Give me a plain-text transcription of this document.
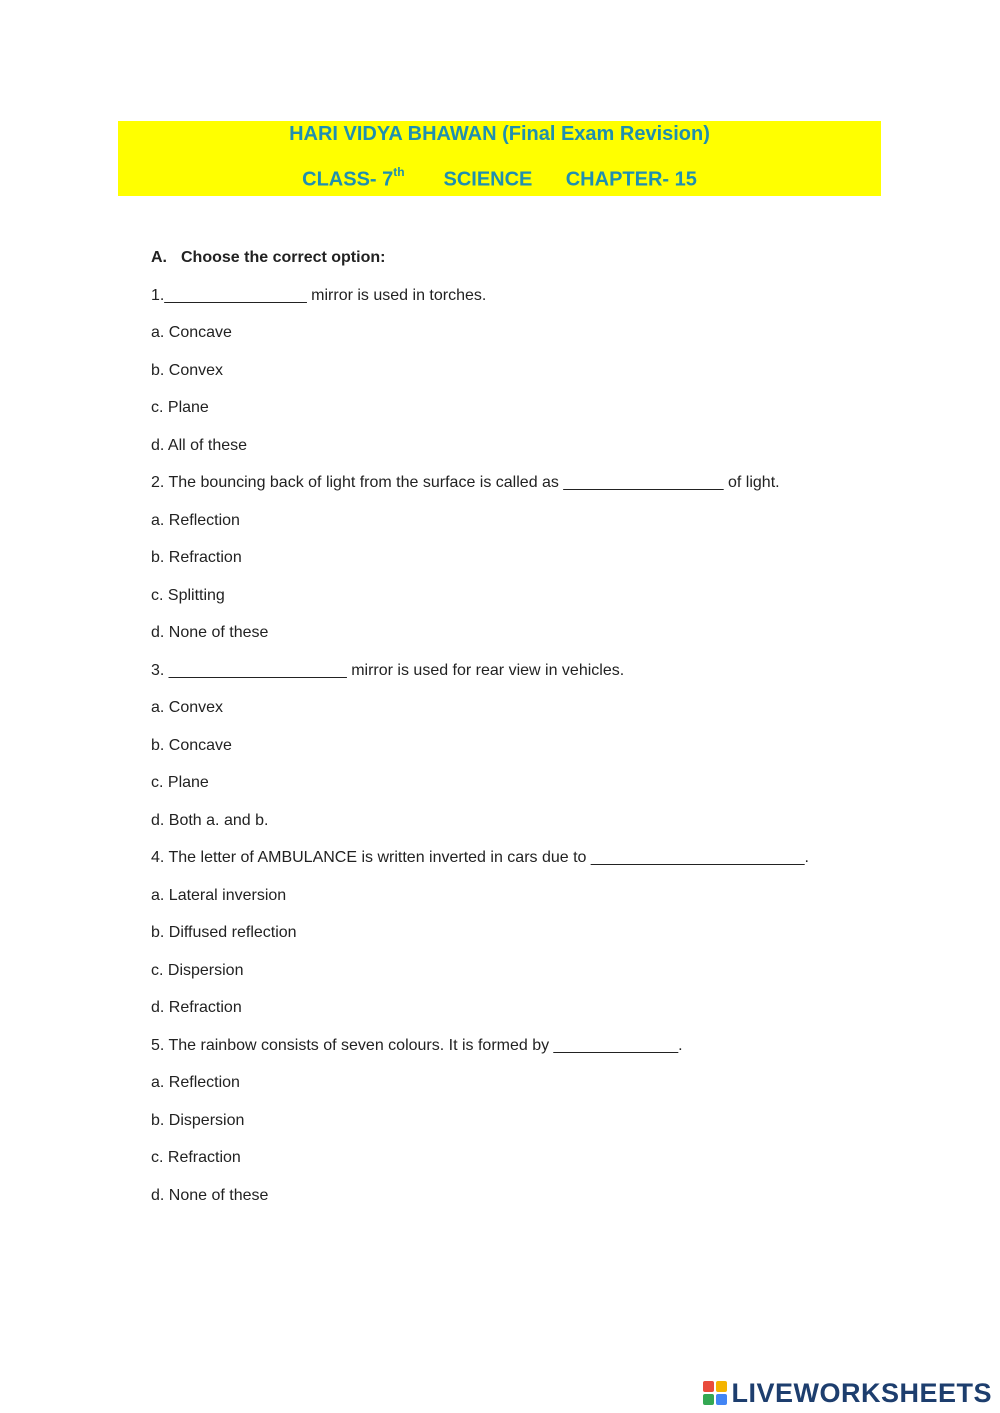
HARI VIDYA BHAWAN (Final Exam Revision)
CLASS- 7th SCIENCE CHAPTER- 15
A. Choose the correct option:
1.________________ mirror is used in torches.
a. Concave
b. Convex
c. Plane
d. All of these
2. The bouncing back of light from the surface is called as __________________ of light.
a. Reflection
b. Refraction
c. Splitting
d. None of these
3. ____________________ mirror is used for rear view in vehicles.
a. Convex
b. Concave
c. Plane
d. Both a. and b.
4. The letter of AMBULANCE is written inverted in cars due to ________________________.
a. Lateral inversion
b. Diffused reflection
c. Dispersion
d. Refraction
5. The rainbow consists of seven colours. It is formed by ______________.
a. Reflection
b. Dispersion
c. Refraction
d. None of these
LIVEWORKSHEETS
